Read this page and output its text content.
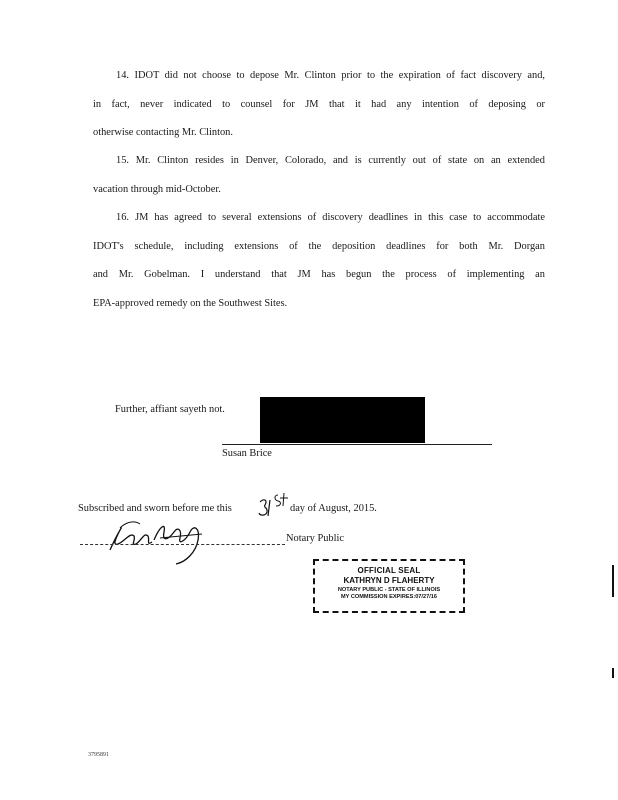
14. IDOT did not choose to depose Mr. Clinton prior to the expiration of fact discovery and,
in fact, never indicated to counsel for JM that it had any intention of deposing or
otherwise contacting Mr. Clinton.
15. Mr. Clinton resides in Denver, Colorado, and is currently out of state on an extended
vacation through mid-October.
16. JM has agreed to several extensions of discovery deadlines in this case to accommodate
IDOT's schedule, including extensions of the deposition deadlines for both Mr. Dorgan
and Mr. Gobelman. I understand that JM has begun the process of implementing an
EPA-approved remedy on the Southwest Sites.
Further, affiant sayeth not.
Susan Brice
Subscribed and sworn before me this	day of August, 2015.
Notary Public
OFFICIAL SEAL
KATHRYN D FLAHERTY
NOTARY PUBLIC - STATE OF ILLINOIS
MY COMMISSION EXPIRES:07/27/16
3795891
